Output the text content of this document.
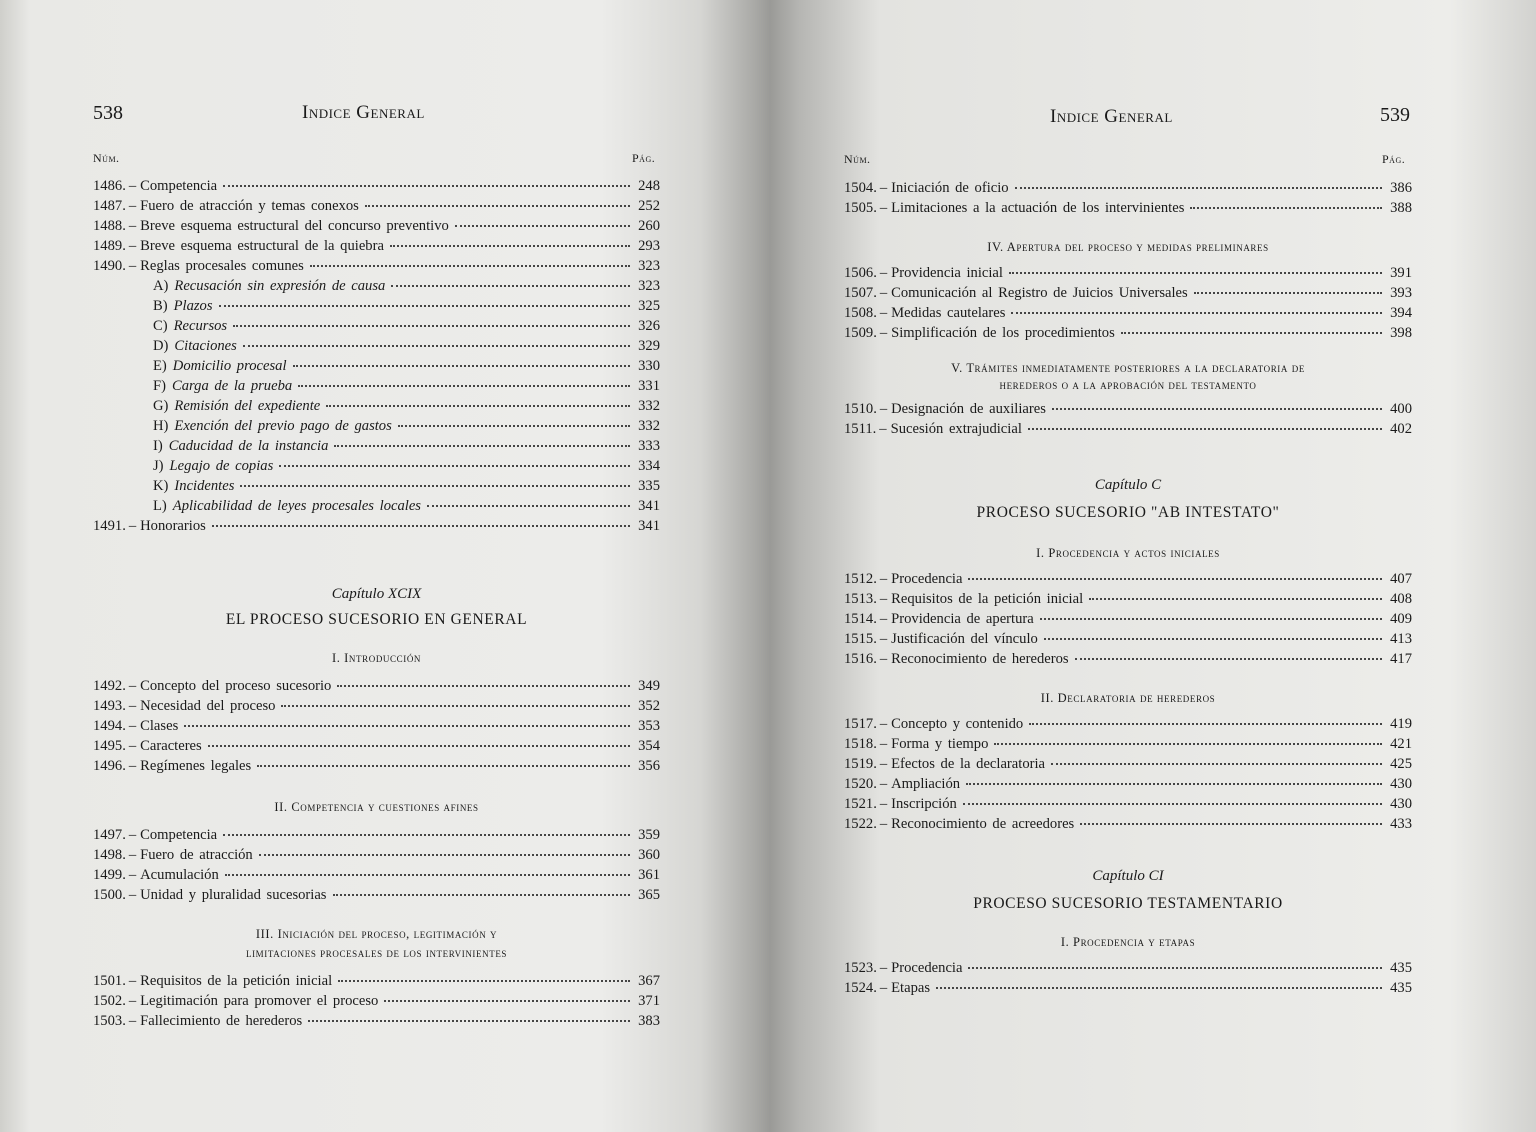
538	Indice General
Núm.	Pág.
1486. – Competencia	248
1487. – Fuero de atracción y temas conexos	252
1488. – Breve esquema estructural del concurso preventivo	260
1489. – Breve esquema estructural de la quiebra	293
1490. – Reglas procesales comunes	323
A) Recusación sin expresión de causa	323
B) Plazos	325
C) Recursos	326
D) Citaciones	329
E) Domicilio procesal	330
F) Carga de la prueba	331
G) Remisión del expediente	332
H) Exención del previo pago de gastos	332
I) Caducidad de la instancia	333
J) Legajo de copias	334
K) Incidentes	335
L) Aplicabilidad de leyes procesales locales	341
1491. – Honorarios	341
Capítulo XCIX
EL PROCESO SUCESORIO EN GENERAL
I. Introducción
1492. – Concepto del proceso sucesorio	349
1493. – Necesidad del proceso	352
1494. – Clases	353
1495. – Caracteres	354
1496. – Regímenes legales	356
II. Competencia y cuestiones afines
1497. – Competencia	359
1498. – Fuero de atracción	360
1499. – Acumulación	361
1500. – Unidad y pluralidad sucesorias	365
III. Iniciación del proceso, legitimación y
limitaciones procesales de los intervinientes
1501. – Requisitos de la petición inicial	367
1502. – Legitimación para promover el proceso	371
1503. – Fallecimiento de herederos	383
Indice General	539
Núm.	Pág.
1504. – Iniciación de oficio	386
1505. – Limitaciones a la actuación de los intervinientes	388
IV. Apertura del proceso y medidas preliminares
1506. – Providencia inicial	391
1507. – Comunicación al Registro de Juicios Universales	393
1508. – Medidas cautelares	394
1509. – Simplificación de los procedimientos	398
V. Trámites inmediatamente posteriores a la declaratoria de
herederos o a la aprobación del testamento
1510. – Designación de auxiliares	400
1511. – Sucesión extrajudicial	402
Capítulo C
PROCESO SUCESORIO "AB INTESTATO"
I. Procedencia y actos iniciales
1512. – Procedencia	407
1513. – Requisitos de la petición inicial	408
1514. – Providencia de apertura	409
1515. – Justificación del vínculo	413
1516. – Reconocimiento de herederos	417
II. Declaratoria de herederos
1517. – Concepto y contenido	419
1518. – Forma y tiempo	421
1519. – Efectos de la declaratoria	425
1520. – Ampliación	430
1521. – Inscripción	430
1522. – Reconocimiento de acreedores	433
Capítulo CI
PROCESO SUCESORIO TESTAMENTARIO
I. Procedencia y etapas
1523. – Procedencia	435
1524. – Etapas	435
